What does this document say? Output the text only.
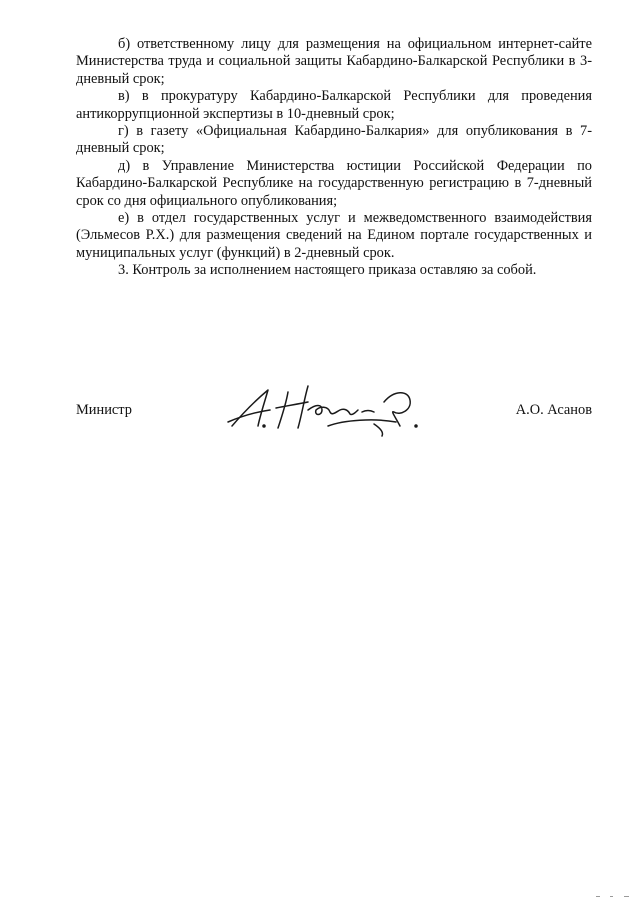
б) ответственному лицу для размещения на официальном интернет-сайте Министерства труда и социальной защиты Кабардино-Балкарской Республики в 3-дневный срок;

в) в прокуратуру Кабардино-Балкарской Республики для проведения антикоррупционной экспертизы в 10-дневный срок;

г) в газету «Официальная Кабардино-Балкария» для опубликования в 7-дневный срок;

д) в Управление Министерства юстиции Российской Федерации по Кабардино-Балкарской Республике на государственную регистрацию в 7-дневный срок со дня официального опубликования;

е) в отдел государственных услуг и межведомственного взаимодействия (Эльмесов Р.Х.) для размещения сведений на Едином портале государственных и муниципальных услуг (функций) в 2-дневный срок.

3. Контроль за исполнением настоящего приказа оставляю за собой.

Министр	А.О. Асанов
